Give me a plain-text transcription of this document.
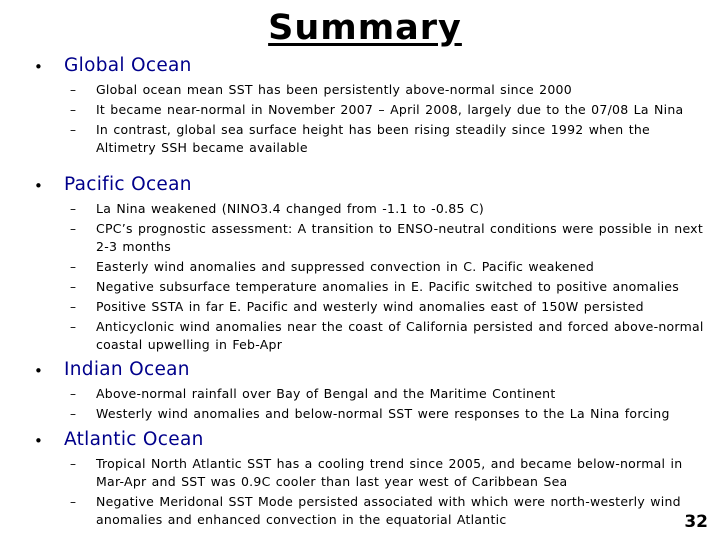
Summary
• Global Ocean
– Global ocean mean SST has been persistently above-normal since 2000
– It became near-normal in November 2007 – April 2008, largely due to the 07/08 La Nina
– In contrast, global sea surface height has been rising steadily since 1992 when the Altimetry SSH became available
• Pacific Ocean
– La Nina weakened (NINO3.4 changed from -1.1 to -0.85 C)
– CPC’s prognostic assessment: A transition to ENSO-neutral conditions were possible in next 2-3 months
– Easterly wind anomalies and suppressed convection in C. Pacific weakened
– Negative subsurface temperature anomalies in E. Pacific switched to positive anomalies
– Positive SSTA in far E. Pacific and westerly wind anomalies east of 150W persisted
– Anticyclonic wind anomalies near the coast of California persisted and forced above-normal coastal upwelling in Feb-Apr
• Indian Ocean
– Above-normal rainfall over Bay of Bengal and the Maritime Continent
– Westerly wind anomalies and below-normal SST were responses to the La Nina forcing
• Atlantic Ocean
– Tropical North Atlantic SST has a cooling trend since 2005, and became below-normal in Mar-Apr and SST was 0.9C cooler than last year west of Caribbean Sea
– Negative Meridonal SST Mode persisted associated with which were north-westerly wind anomalies and enhanced convection in the equatorial Atlantic	32
